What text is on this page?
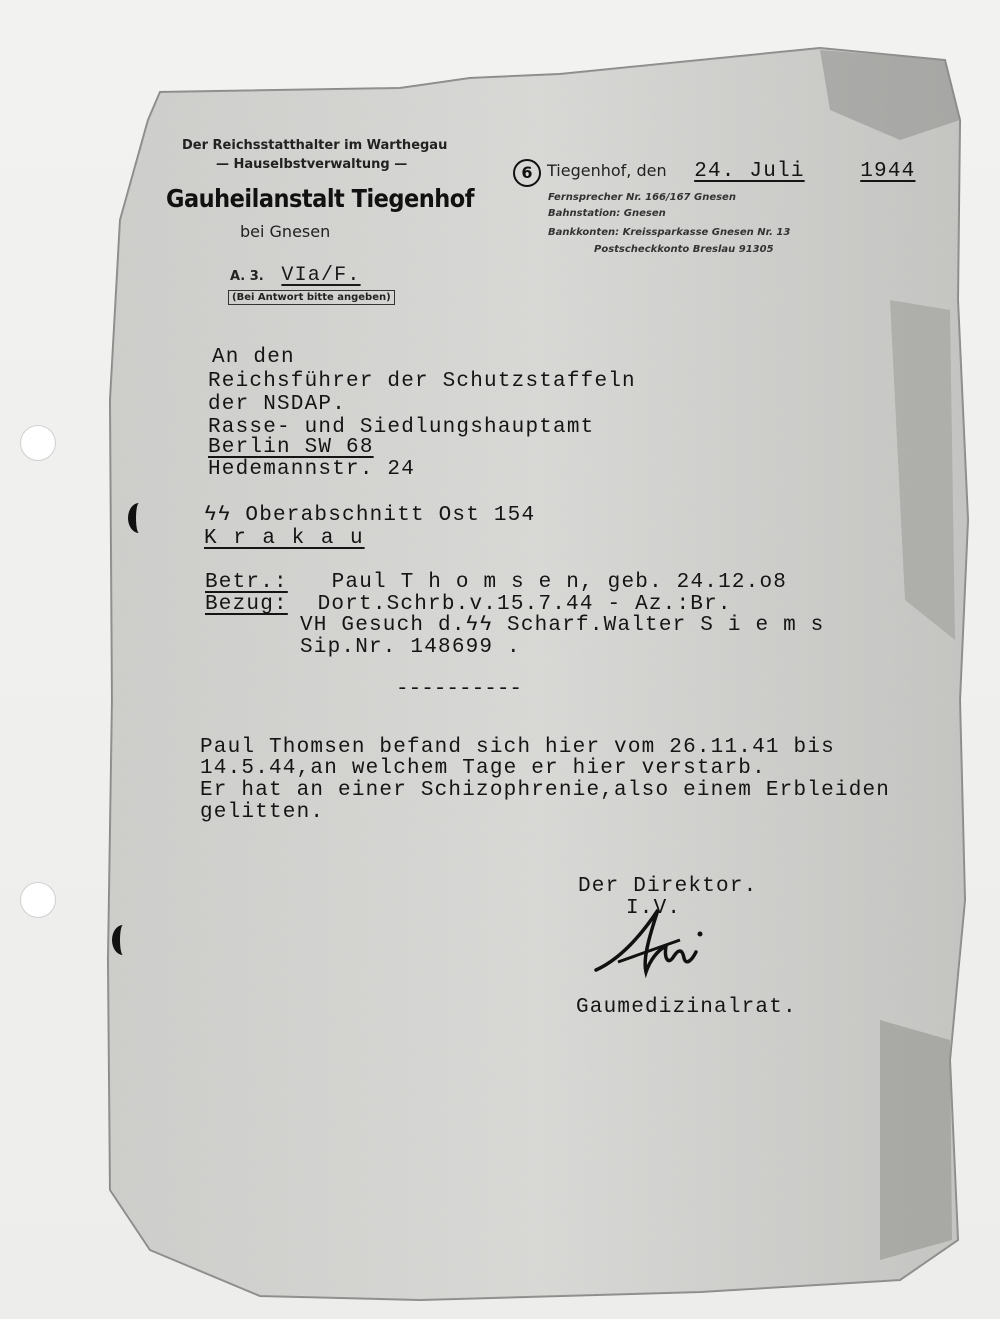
Der Reichsstatthalter im Warthegau
— Hauselbstverwaltung —
Gauheilanstalt Tiegenhof
bei Gnesen
A. 3. VIa/F.
(Bei Antwort bitte angeben)
6 Tiegenhof, den 24. Juli	1944
Fernsprecher Nr. 166/167 Gnesen
Bahnstation: Gnesen
Bankkonten: Kreissparkasse Gnesen Nr. 13
Postscheckkonto Breslau 91305
An den
Reichsführer der Schutzstaffeln
der NSDAP.
Rasse- und Siedlungshauptamt
Berlin SW 68
Hedemannstr. 24
ϟϟ Oberabschnitt Ost 154
K r a k a u
Betr.: Paul T h o m s e n, geb. 24.12.o8
Bezug: Dort.Schrb.v.15.7.44 - Az.:Br.
VH Gesuch d.ϟϟ Scharf.Walter S i e m s
Sip.Nr. 148699 .
----------
Paul Thomsen befand sich hier vom 26.11.41 bis
14.5.44,an welchem Tage er hier verstarb.
Er hat an einer Schizophrenie,also einem Erbleiden
gelitten.
Der Direktor.
I.V.
Gaumedizinalrat.
